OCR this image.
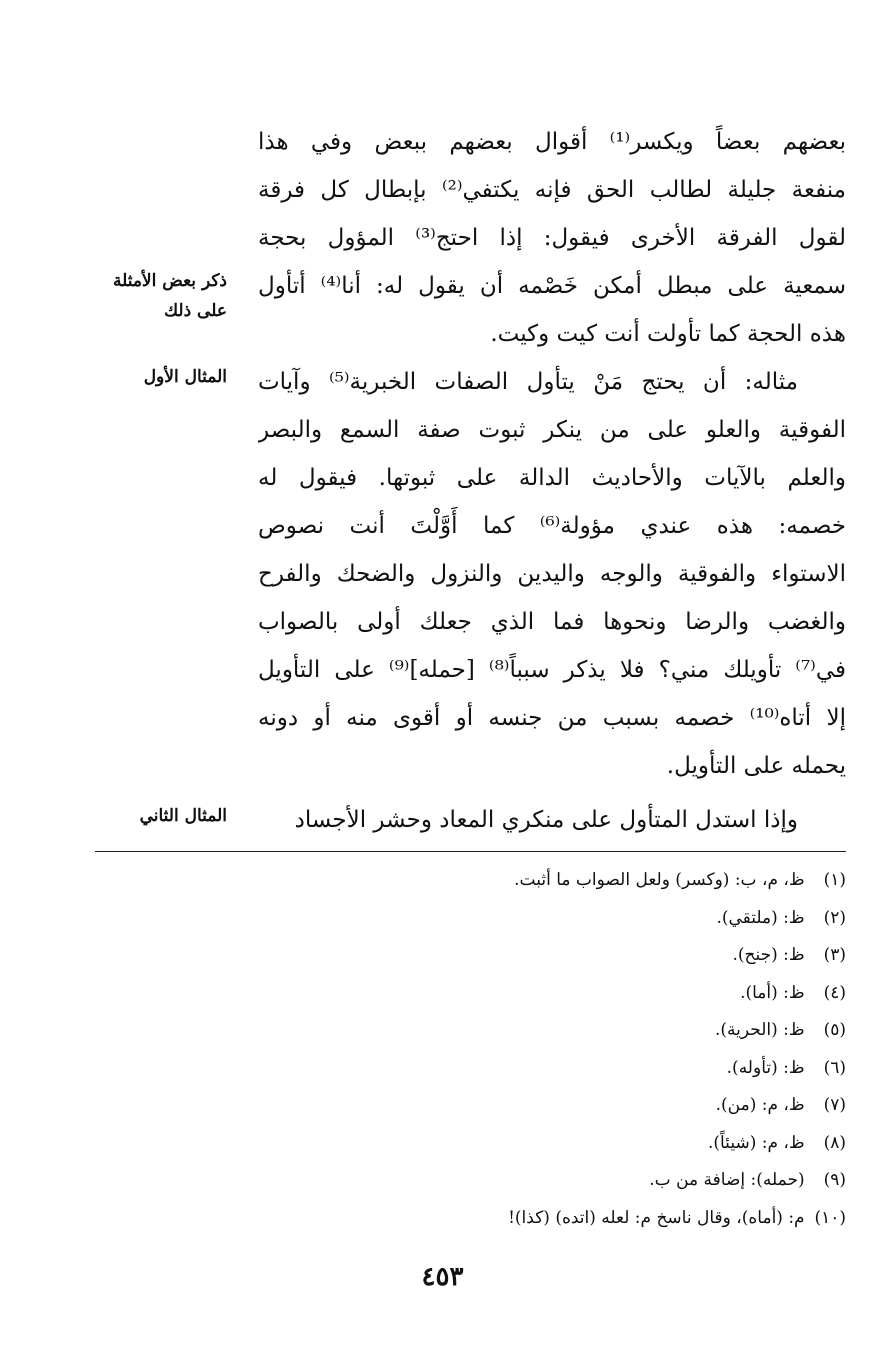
بعضهم بعضاً ويكسر⁽¹⁾ أقوال بعضهم ببعض وفي هذا
منفعة جليلة لطالب الحق فإنه يكتفي⁽²⁾ بإبطال كل فرقة
لقول الفرقة الأخرى فيقول: إذا احتج⁽³⁾ المؤول بحجة
سمعية على مبطل أمكن خَصْمه أن يقول له: أنا⁽⁴⁾ أتأول
هذه الحجة كما تأولت أنت كيت وكيت.
مثاله: أن يحتج مَنْ يتأول الصفات الخبرية⁽⁵⁾ وآيات
الفوقية والعلو على من ينكر ثبوت صفة السمع والبصر
والعلم بالآيات والأحاديث الدالة على ثبوتها. فيقول له
خصمه: هذه عندي مؤولة⁽⁶⁾ كما أَوَّلْتَ أنت نصوص
الاستواء والفوقية والوجه واليدين والنزول والضحك والفرح
والغضب والرضا ونحوها فما الذي جعلك أولى بالصواب
في⁽⁷⁾ تأويلك مني؟ فلا يذكر سبباً⁽⁸⁾ [حمله]⁽⁹⁾ على التأويل
إلا أتاه⁽¹⁰⁾ خصمه بسبب من جنسه أو أقوى منه أو دونه
يحمله على التأويل.
وإذا استدل المتأول على منكري المعاد وحشر الأجساد
ذكر بعض الأمثلة
على ذلك
المثال الأول
المثال الثاني
(١) ظ، م، ب: (وكسر) ولعل الصواب ما أثبت.
(٢) ظ: (ملتقي).
(٣) ظ: (جنح).
(٤) ظ: (أما).
(٥) ظ: (الحرية).
(٦) ظ: (تأوله).
(٧) ظ، م: (من).
(٨) ظ، م: (شيئاً).
(٩) (حمله): إضافة من ب.
(١٠) م: (أماه)، وقال ناسخ م: لعله (اتده) (كذا)!
٤٥٣
